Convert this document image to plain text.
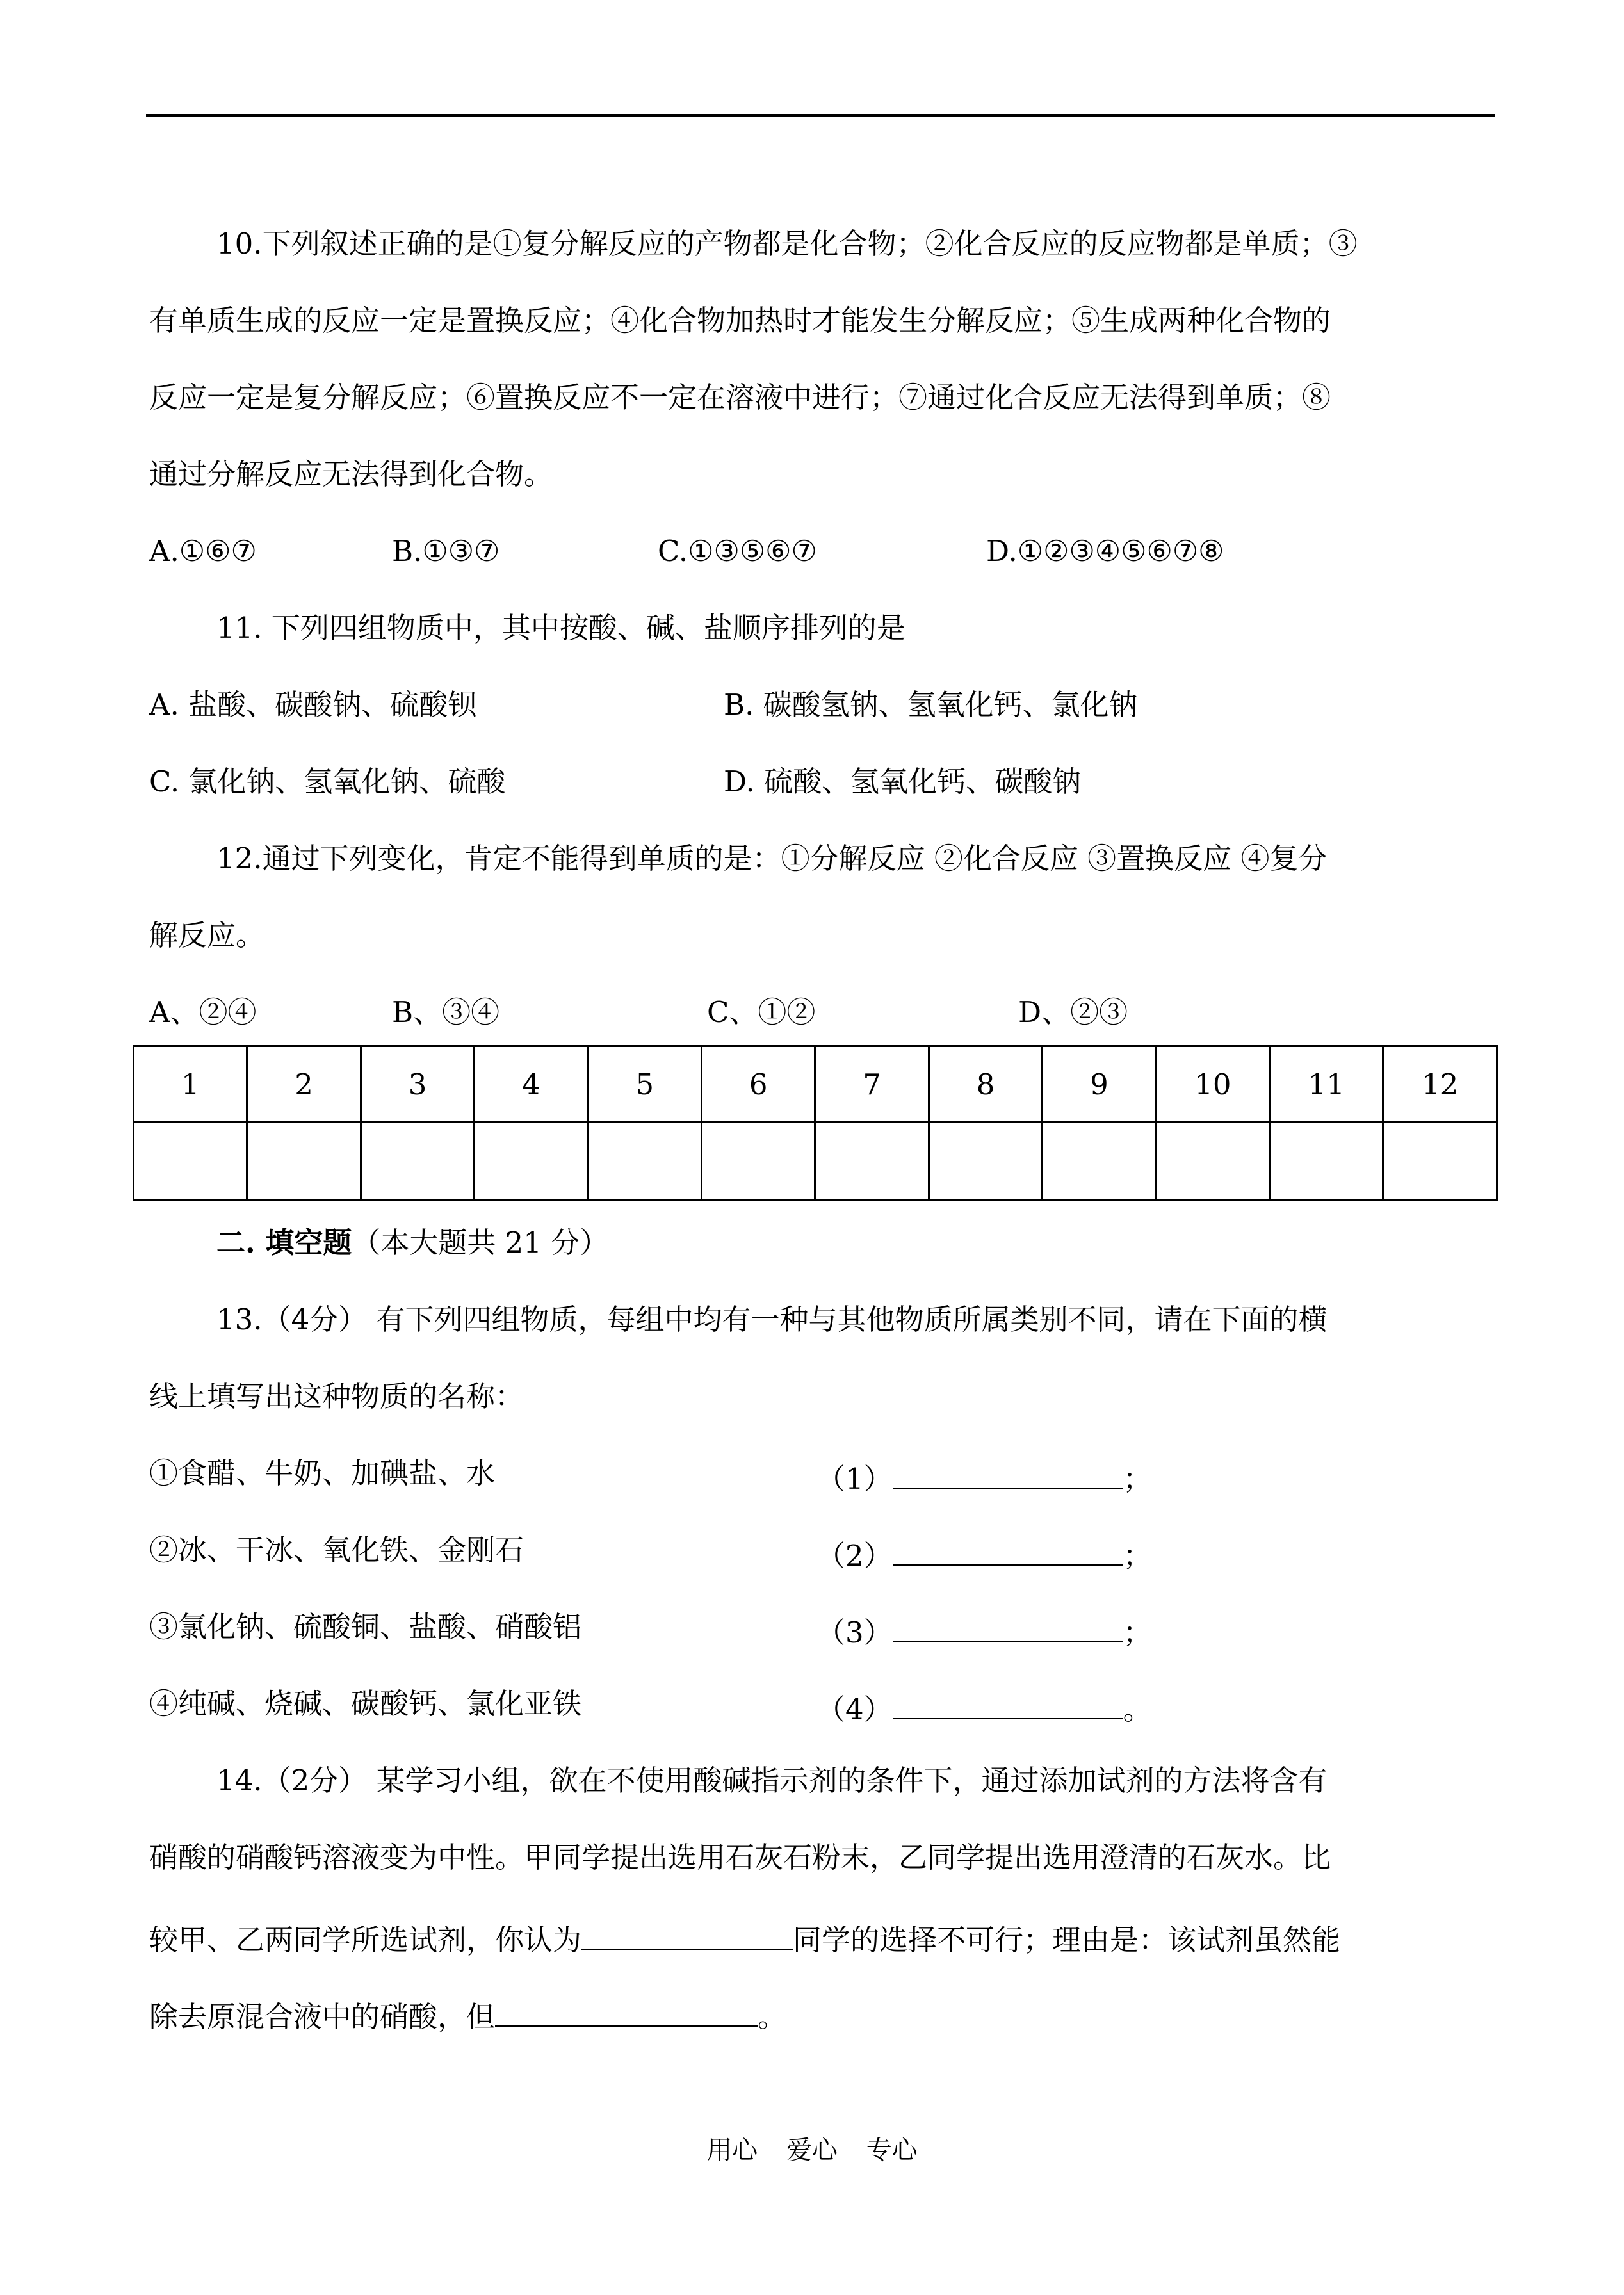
10.下列叙述正确的是①复分解反应的产物都是化合物；②化合反应的反应物都是单质；③
有单质生成的反应一定是置换反应；④化合物加热时才能发生分解反应；⑤生成两种化合物的
反应一定是复分解反应；⑥置换反应不一定在溶液中进行；⑦通过化合反应无法得到单质；⑧
通过分解反应无法得到化合物。
A.①⑥⑦	B.①③⑦	C.①③⑤⑥⑦	D.①②③④⑤⑥⑦⑧
11. 下列四组物质中，其中按酸、碱、盐顺序排列的是
A. 盐酸、碳酸钠、硫酸钡	B. 碳酸氢钠、氢氧化钙、氯化钠
C. 氯化钠、氢氧化钠、硫酸	D. 硫酸、氢氧化钙、碳酸钠
12.通过下列变化，肯定不能得到单质的是：①分解反应 ②化合反应 ③置换反应 ④复分
解反应。
A、②④	B、③④	C、①②	D、②③
1	2	3	4	5	6	7	8	9	10	11	12

二. 填空题（本大题共 21 分）
13.（4分） 有下列四组物质，每组中均有一种与其他物质所属类别不同，请在下面的横
线上填写出这种物质的名称：
①食醋、牛奶、加碘盐、水	（1）	；
②冰、干冰、氧化铁、金刚石	（2）	；
③氯化钠、硫酸铜、盐酸、硝酸铝	（3）	；
④纯碱、烧碱、碳酸钙、氯化亚铁	（4）	。
14.（2分） 某学习小组，欲在不使用酸碱指示剂的条件下，通过添加试剂的方法将含有
硝酸的硝酸钙溶液变为中性。甲同学提出选用石灰石粉末，乙同学提出选用澄清的石灰水。比
较甲、乙两同学所选试剂，你认为	同学的选择不可行；理由是：该试剂虽然能
除去原混合液中的硝酸，但	。
用心 爱心 专心
